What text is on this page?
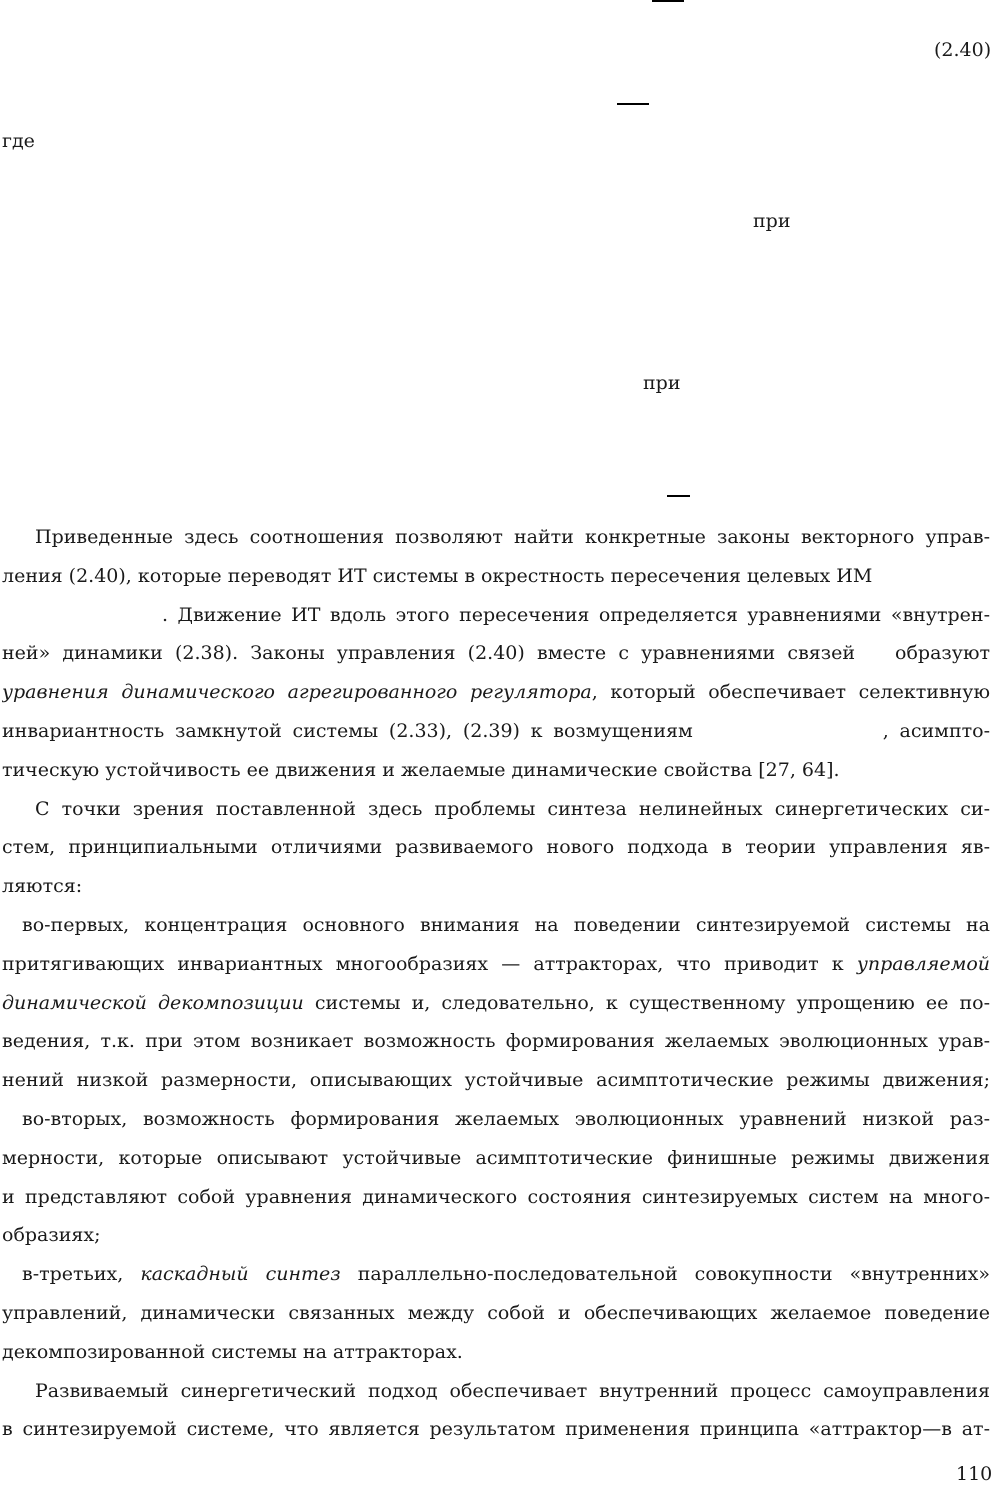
(2.40)
где
при
при
Приведенные здесь соотношения позволяют найти конкретные законы векторного управ-
ления (2.40), которые переводят ИТ системы в окрестность пересечения целевых ИМ
. Движение ИТ вдоль этого пересечения определяется уравнениями «внутрен-
ней» динамики (2.38). Законы управления (2.40) вместе с уравнениями связей образуют
уравнения динамического агрегированного регулятора, который обеспечивает селективную
инвариантность замкнутой системы (2.33), (2.39) к возмущениям	, асимпто-
тическую устойчивость ее движения и желаемые динамические свойства [27, 64].
С точки зрения поставленной здесь проблемы синтеза нелинейных синергетических си-
стем, принципиальными отличиями развиваемого нового подхода в теории управления яв-
ляются:
во-первых, концентрация основного внимания на поведении синтезируемой системы на
притягивающих инвариантных многообразиях — аттракторах, что приводит к управляемой
динамической декомпозиции системы и, следовательно, к существенному упрощению ее по-
ведения, т.к. при этом возникает возможность формирования желаемых эволюционных урав-
нений низкой размерности, описывающих устойчивые асимптотические режимы движения;
во-вторых, возможность формирования желаемых эволюционных уравнений низкой раз-
мерности, которые описывают устойчивые асимптотические финишные режимы движения
и представляют собой уравнения динамического состояния синтезируемых систем на много-
образиях;
в-третьих, каскадный синтез параллельно-последовательной совокупности «внутренних»
управлений, динамически связанных между собой и обеспечивающих желаемое поведение
декомпозированной системы на аттракторах.
Развиваемый синергетический подход обеспечивает внутренний процесс самоуправления
в синтезируемой системе, что является результатом применения принципа «аттрактор—в ат-
110
